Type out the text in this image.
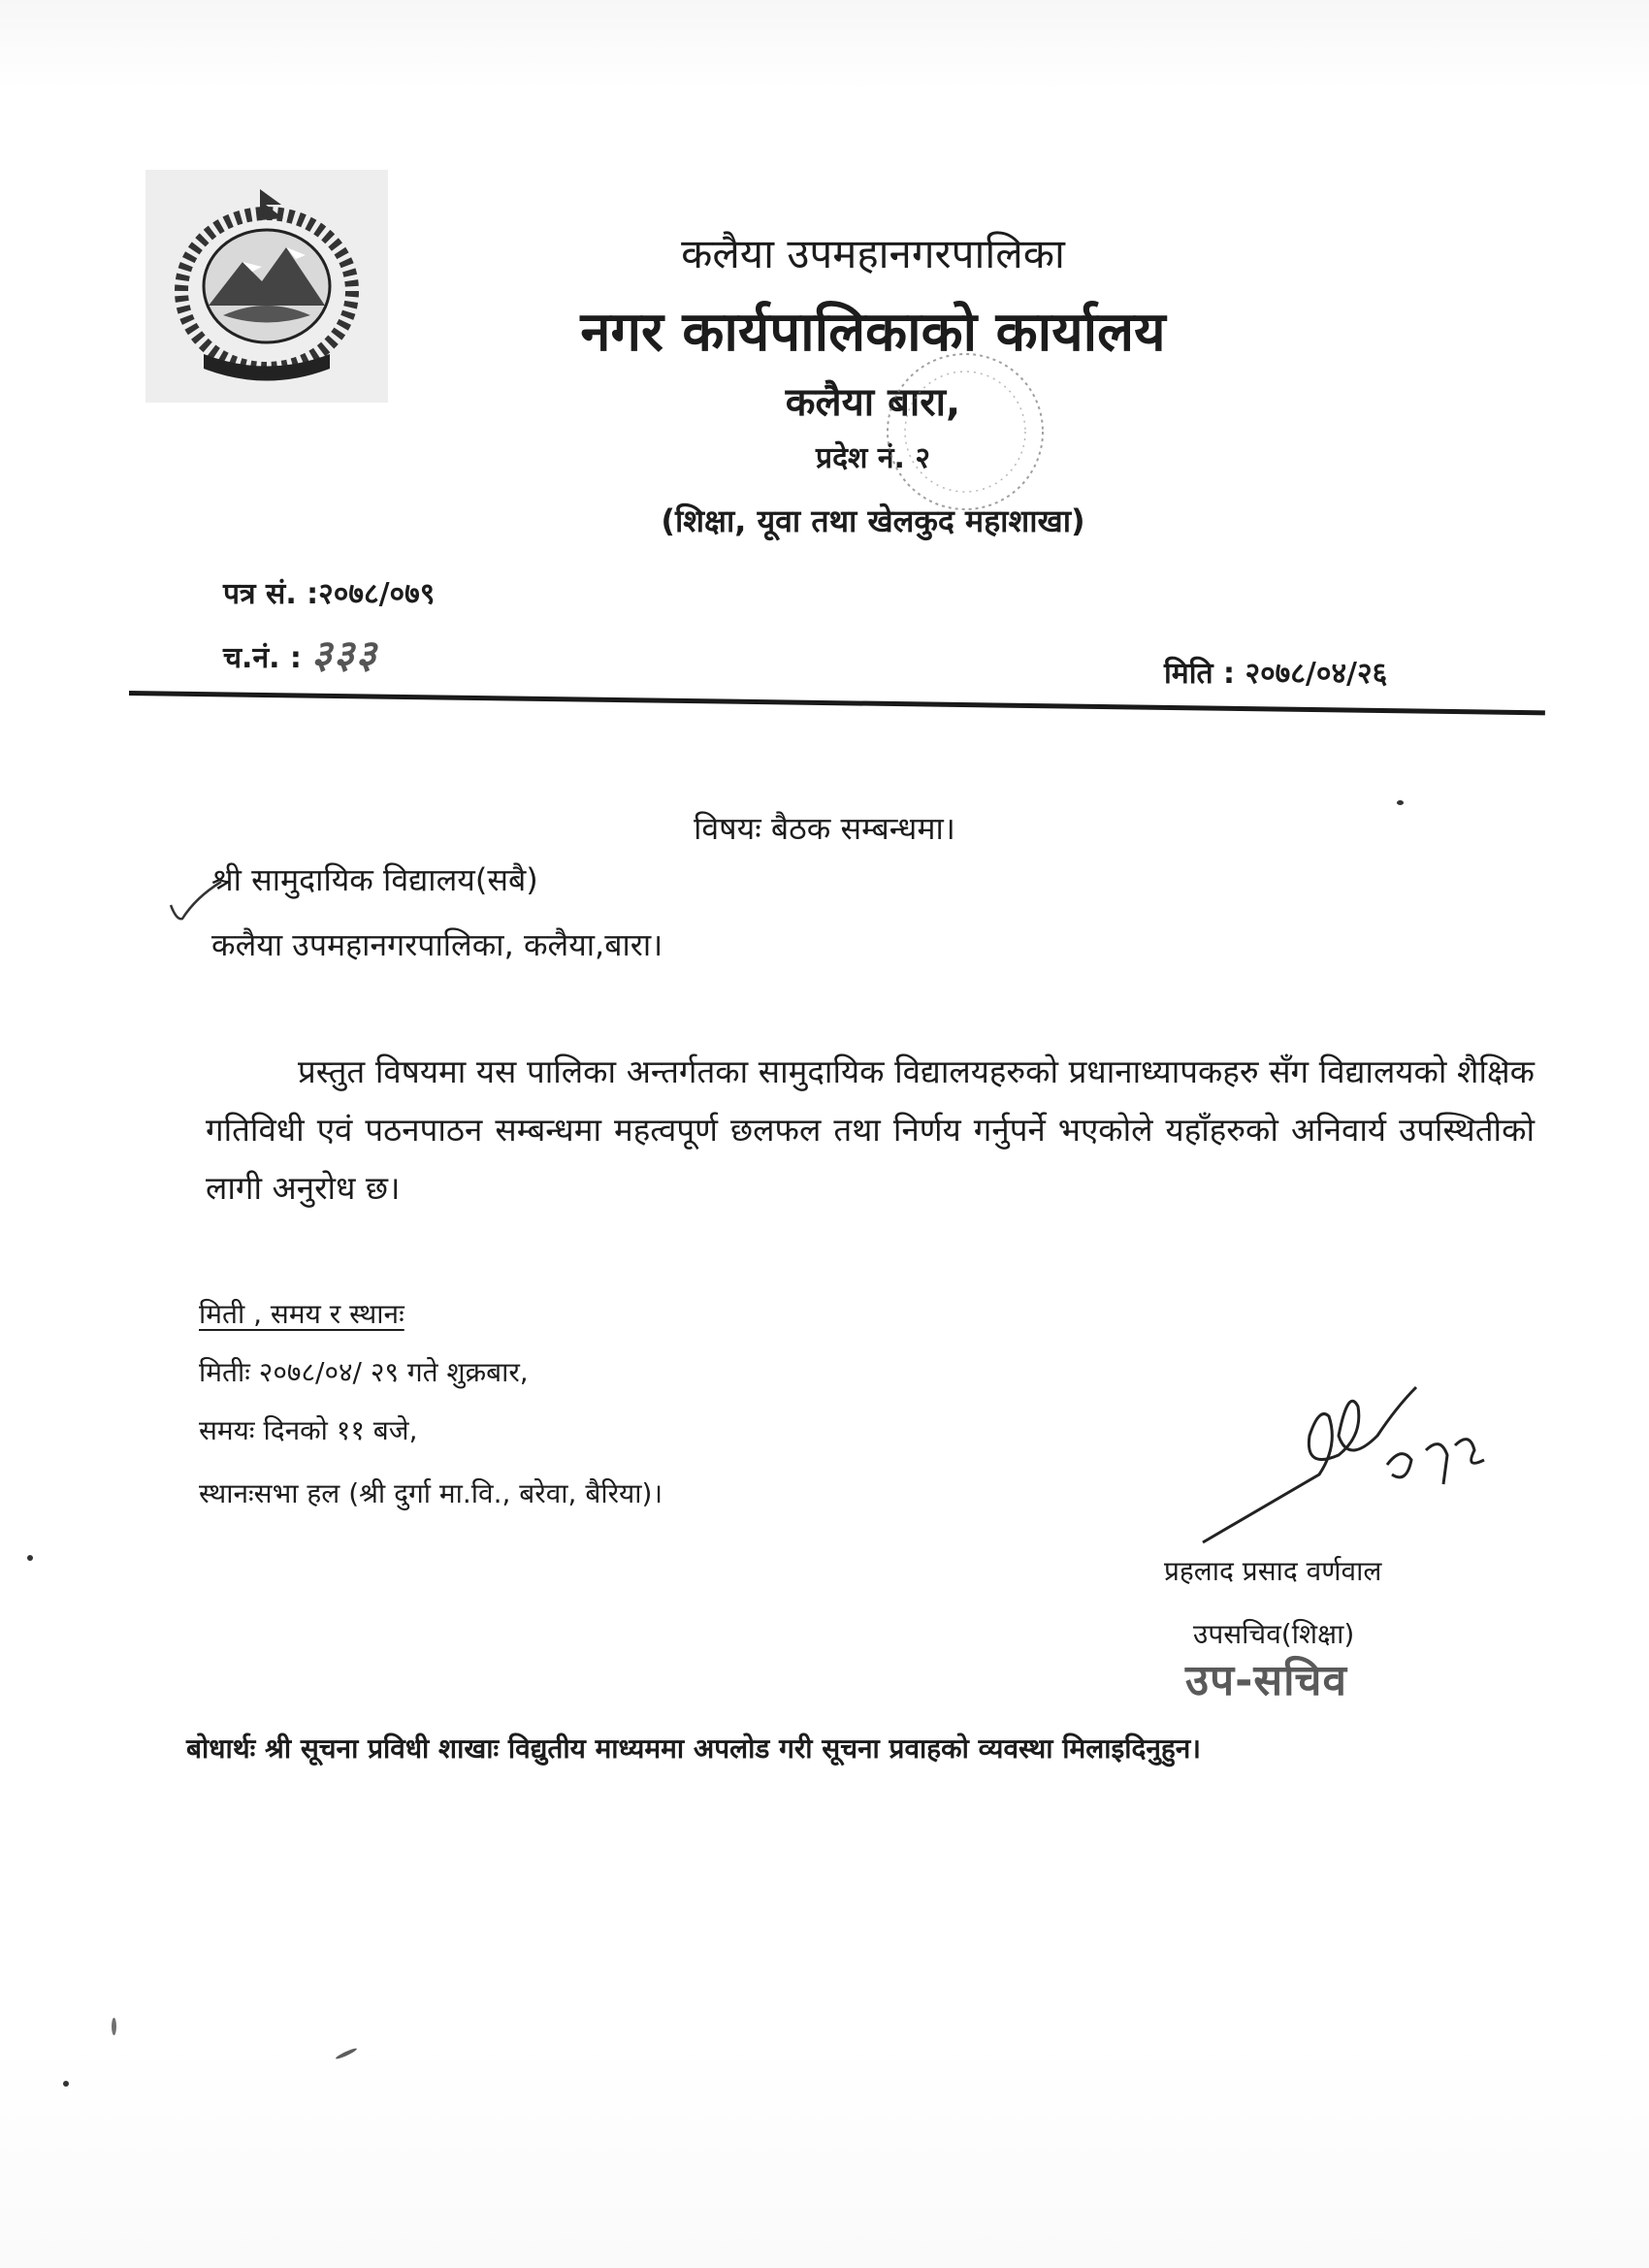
कलैया उपमहानगरपालिका
नगर कार्यपालिकाको कार्यालय
कलैया बारा,
प्रदेश नं. २
(शिक्षा, यूवा तथा खेलकुद महाशाखा)
पत्र सं. :२०७८/०७९
च.नं. : ३३३	मिति : २०७८/०४/२६
विषयः बैठक सम्बन्धमा।
श्री सामुदायिक विद्यालय(सबै)
कलैया उपमहानगरपालिका, कलैया,बारा।
प्रस्तुत विषयमा यस पालिका अन्तर्गतका सामुदायिक विद्यालयहरुको प्रधानाध्यापकहरु सँग विद्यालयको शैक्षिक गतिविधी एवं पठनपाठन सम्बन्धमा महत्वपूर्ण छलफल तथा निर्णय गर्नुपर्ने भएकोले यहाँहरुको अनिवार्य उपस्थितीको लागी अनुरोध छ।
मिती , समय र स्थानः
मितीः २०७८/०४/ २९ गते शुक्रबार,
समयः दिनको ११ बजे,
स्थानःसभा हल (श्री दुर्गा मा.वि., बरेवा, बैरिया)।
प्रहलाद प्रसाद वर्णवाल
उपसचिव(शिक्षा)
उप-सचिव
बोधार्थः श्री सूचना प्रविधी शाखाः विद्युतीय माध्यममा अपलोड गरी सूचना प्रवाहको व्यवस्था मिलाइदिनुहुन।
